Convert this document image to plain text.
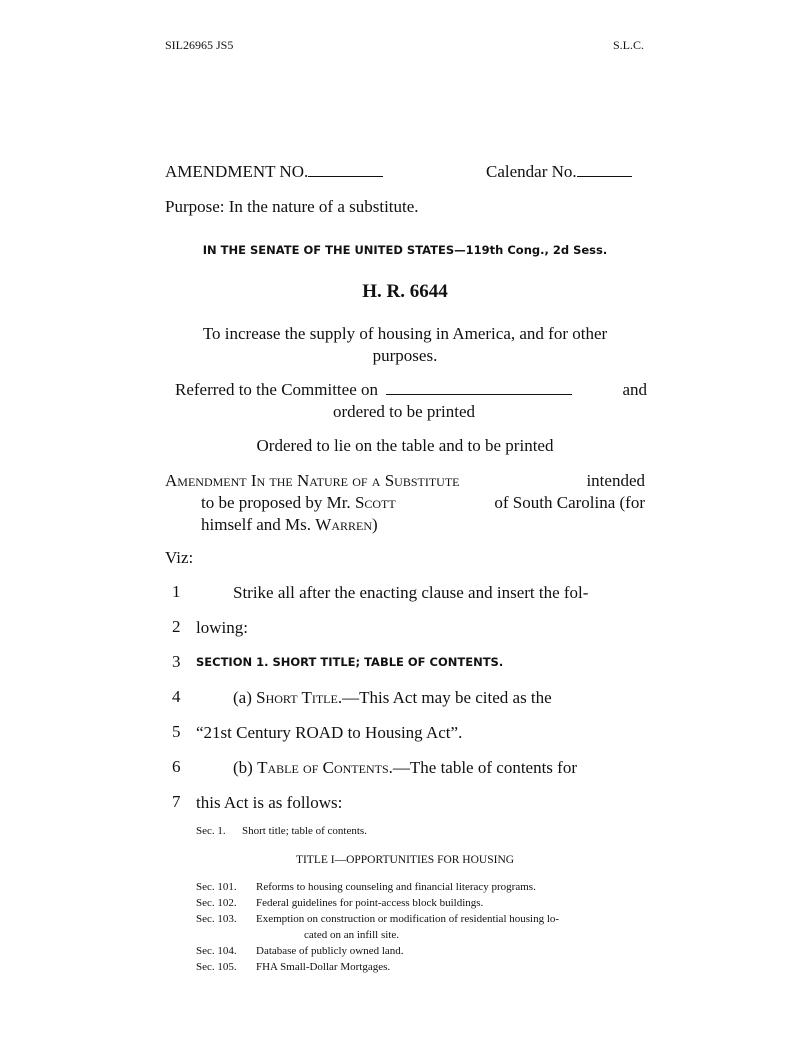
SIL26965 JS5	S.L.C.
AMENDMENT NO.	Calendar No.
Purpose: In the nature of a substitute.
IN THE SENATE OF THE UNITED STATES—119th Cong., 2d Sess.
H. R. 6644
To increase the supply of housing in America, and for other
purposes.
Referred to the Committee on	and
ordered to be printed
Ordered to lie on the table and to be printed
Amendment In the Nature of a Substitute	intended
to be proposed by Mr. Scott	of South Carolina (for
himself and Ms. Warren)
Viz:
1	Strike all after the enacting clause and insert the fol-
2 lowing:
3	SECTION 1. SHORT TITLE; TABLE OF CONTENTS.
4	(a) Short Title.—This Act may be cited as the
5 “21st Century ROAD to Housing Act”.
6	(b) Table of Contents.—The table of contents for
7 this Act is as follows:
Sec. 1.	Short title; table of contents.
TITLE I—OPPORTUNITIES FOR HOUSING
Sec. 101.	Reforms to housing counseling and financial literacy programs.
Sec. 102.	Federal guidelines for point-access block buildings.
Sec. 103.	Exemption on construction or modification of residential housing lo-
cated on an infill site.
Sec. 104.	Database of publicly owned land.
Sec. 105.	FHA Small-Dollar Mortgages.
